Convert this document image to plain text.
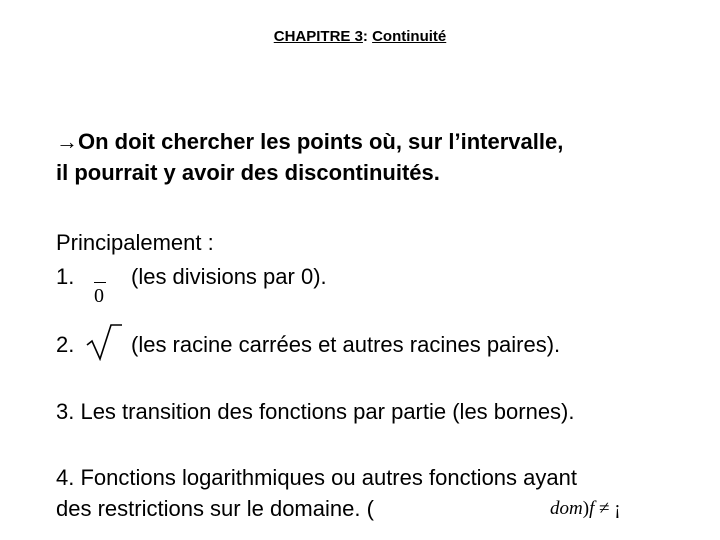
CHAPITRE 3: Continuité
→On doit chercher les points où, sur l’intervalle,
il pourrait y avoir des discontinuités.
Principalement :
1.
0
(les divisions par 0).
2.	(les racine carrées et autres racines paires).
3. Les transition des fonctions par partie (les bornes).
4. Fonctions logarithmiques ou autres fonctions ayant
des restrictions sur le domaine. (	dom)f ≠ ¡
